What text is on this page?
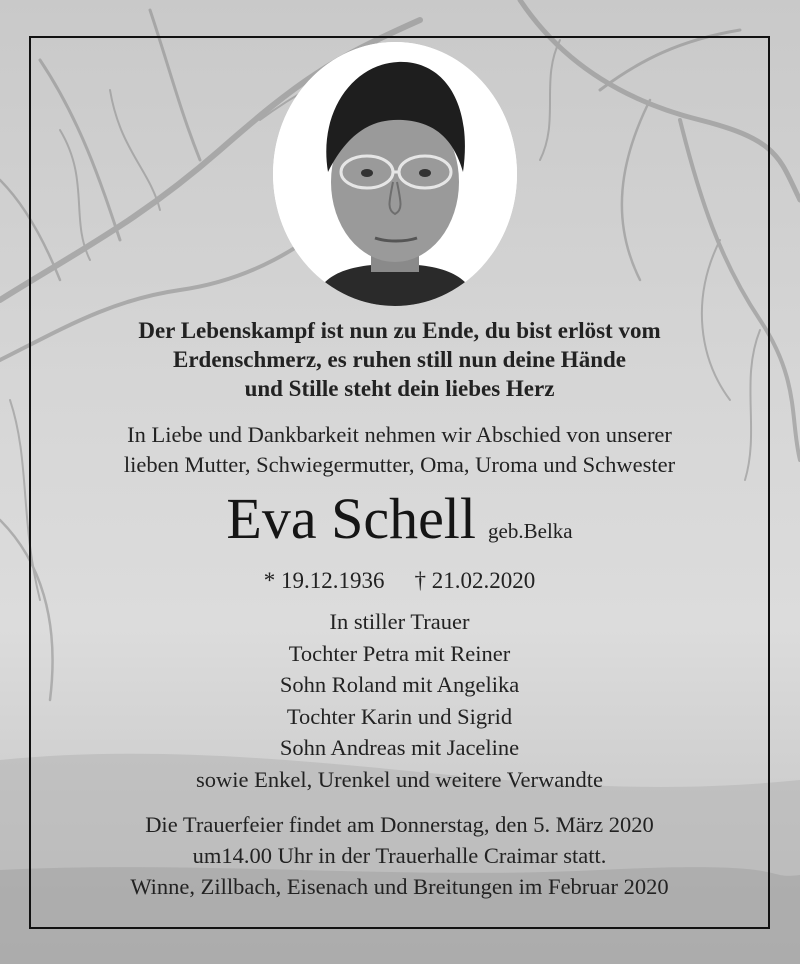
Der Lebenskampf ist nun zu Ende, du bist erlöst vom
Erdenschmerz, es ruhen still nun deine Hände
und Stille steht dein liebes Herz
In Liebe und Dankbarkeit nehmen wir Abschied von unserer
lieben Mutter, Schwiegermutter, Oma, Uroma und Schwester
Eva Schell geb.Belka
* 19.12.1936 † 21.02.2020
In stiller Trauer
Tochter Petra mit Reiner
Sohn Roland mit Angelika
Tochter Karin und Sigrid
Sohn Andreas mit Jaceline
sowie Enkel, Urenkel und weitere Verwandte
Die Trauerfeier findet am Donnerstag, den 5. März 2020
um14.00 Uhr in der Trauerhalle Craimar statt.
Winne, Zillbach, Eisenach und Breitungen im Februar 2020
